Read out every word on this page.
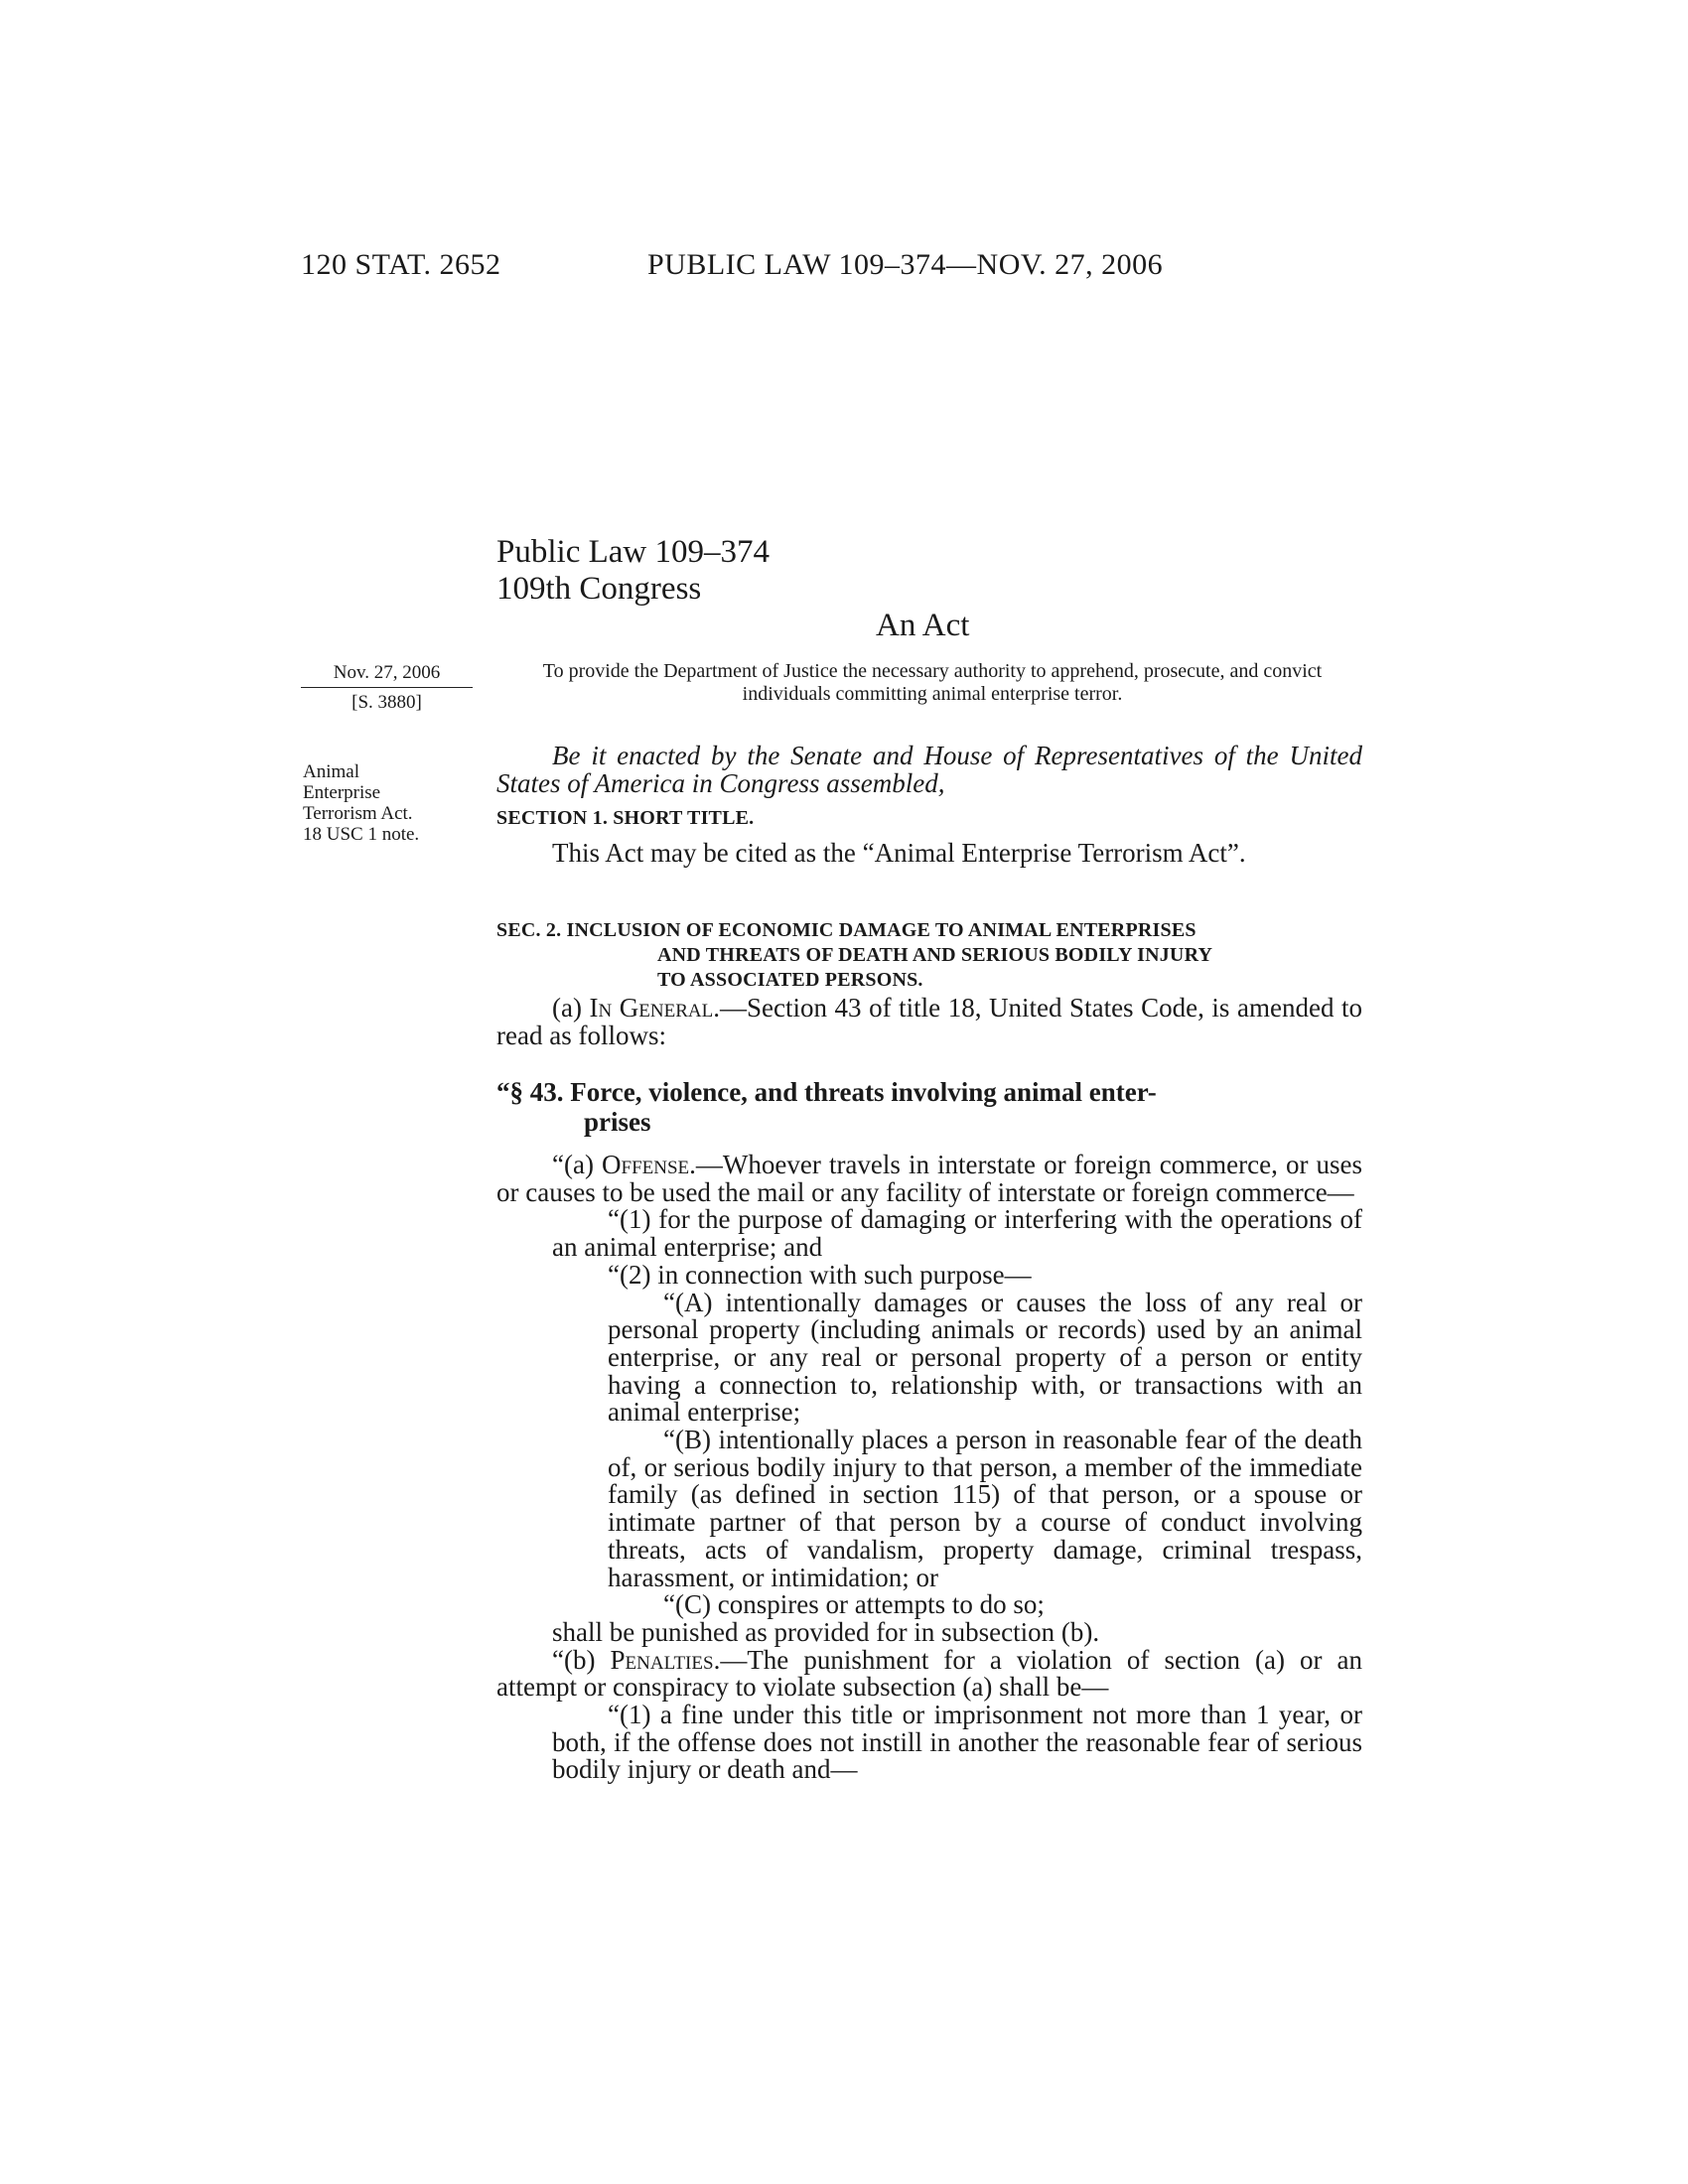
120 STAT. 2652	PUBLIC LAW 109–374—NOV. 27, 2006
Public Law 109–374
109th Congress
An Act
Nov. 27, 2006
[S. 3880]
Animal
Enterprise
Terrorism Act.
18 USC 1 note.
To provide the Department of Justice the necessary authority to apprehend, prosecute, and convict individuals committing animal enterprise terror.
Be it enacted by the Senate and House of Representatives of the United States of America in Congress assembled,
SECTION 1. SHORT TITLE.
This Act may be cited as the “Animal Enterprise Terrorism Act”.
SEC. 2. INCLUSION OF ECONOMIC DAMAGE TO ANIMAL ENTERPRISES
AND THREATS OF DEATH AND SERIOUS BODILY INJURY
TO ASSOCIATED PERSONS.

(a) In General.—Section 43 of title 18, United States Code, is amended to read as follows:

“§ 43. Force, violence, and threats involving animal enter-
prises

“(a) Offense.—Whoever travels in interstate or foreign commerce, or uses or causes to be used the mail or any facility of interstate or foreign commerce—

“(1) for the purpose of damaging or interfering with the operations of an animal enterprise; and

“(2) in connection with such purpose—

“(A) intentionally damages or causes the loss of any real or personal property (including animals or records) used by an animal enterprise, or any real or personal property of a person or entity having a connection to, relationship with, or transactions with an animal enterprise;

“(B) intentionally places a person in reasonable fear of the death of, or serious bodily injury to that person, a member of the immediate family (as defined in section 115) of that person, or a spouse or intimate partner of that person by a course of conduct involving threats, acts of vandalism, property damage, criminal trespass, harassment, or intimidation; or

“(C) conspires or attempts to do so;

shall be punished as provided for in subsection (b).

“(b) Penalties.—The punishment for a violation of section (a) or an attempt or conspiracy to violate subsection (a) shall be—

“(1) a fine under this title or imprisonment not more than 1 year, or both, if the offense does not instill in another the reasonable fear of serious bodily injury or death and—
